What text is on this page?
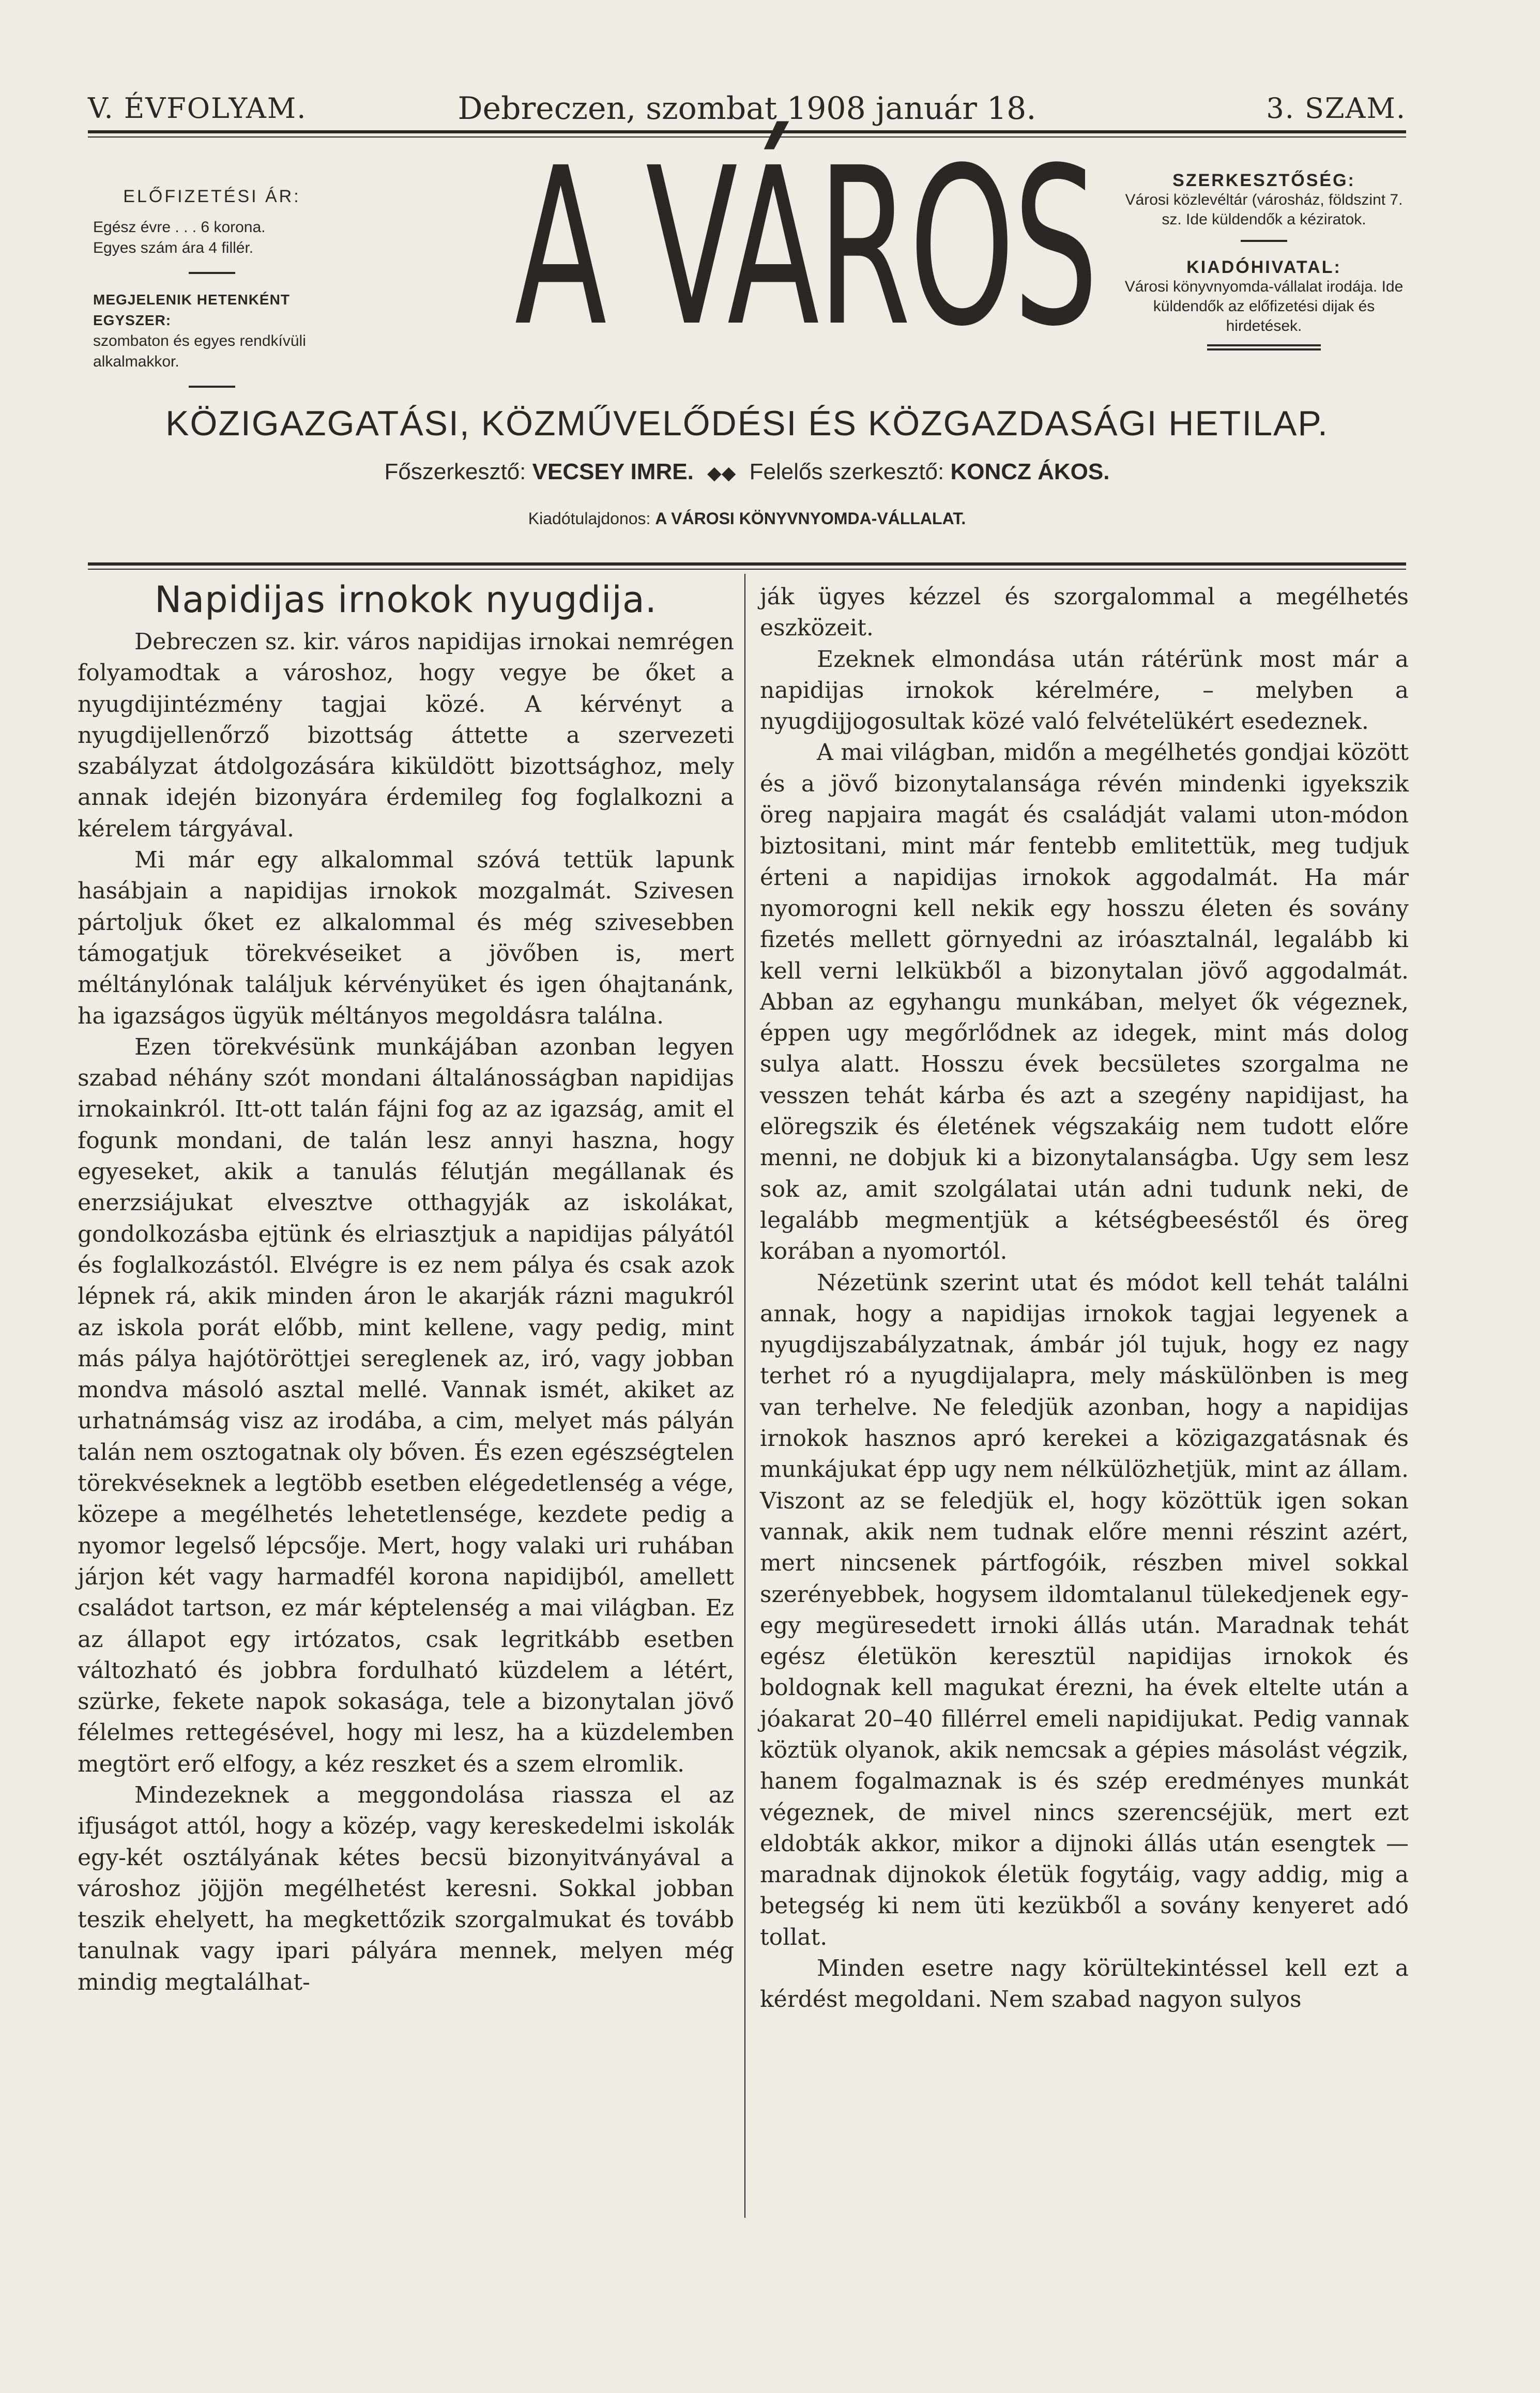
V. ÉVFOLYAM.	Debreczen, szombat 1908 január 18.	3. SZAM.
ELŐFIZETÉSI ÁR:
Egész évre . . . 6 korona.
Egyes szám ára 4 fillér.
MEGJELENIK HETENKÉNT EGYSZER:
szombaton és egyes rendkívüli alkalmakkor.	A VÁROS	SZERKESZTŐSÉG:
Városi közlevéltár (városház, földszint 7. sz. Ide küldendők a kéziratok.
KIADÓHIVATAL:
Városi könyvnyomda-vállalat irodája. Ide küldendők az előfizetési dijak és hirdetések.
KÖZIGAZGATÁSI, KÖZMŰVELŐDÉSI ÉS KÖZGAZDASÁGI HETILAP.
Főszerkesztő: VECSEY IMRE. ◆◆ Felelős szerkesztő: KONCZ ÁKOS.
Kiadótulajdonos: A VÁROSI KÖNYVNYOMDA-VÁLLALAT.
Napidijas irnokok nyugdija.

Debreczen sz. kir. város napidijas irnokai nemrégen folyamodtak a városhoz, hogy vegye be őket a nyugdijintézmény tagjai közé. A kérvényt a nyugdijellenőrző bizottság áttette a szervezeti szabályzat átdolgozására kiküldött bizottsághoz, mely annak idején bizonyára érdemileg fog foglalkozni a kérelem tárgyával.

Mi már egy alkalommal szóvá tettük lapunk hasábjain a napidijas irnokok mozgalmát. Szivesen pártoljuk őket ez alkalommal és még szivesebben támogatjuk törekvéseiket a jövőben is, mert méltánylónak találjuk kérvényüket és igen óhajtanánk, ha igazságos ügyük méltányos megoldásra találna.

Ezen törekvésünk munkájában azonban legyen szabad néhány szót mondani általánosságban napidijas irnokainkról. Itt-ott talán fájni fog az az igazság, amit el fogunk mondani, de talán lesz annyi haszna, hogy egyeseket, akik a tanulás félutján megállanak és enerzsiájukat elvesztve otthagyják az iskolákat, gondolkozásba ejtünk és elriasztjuk a napidijas pályától és foglalkozástól. Elvégre is ez nem pálya és csak azok lépnek rá, akik minden áron le akarják rázni magukról az iskola porát előbb, mint kellene, vagy pedig, mint más pálya hajótöröttjei sereglenek az, iró, vagy jobban mondva másoló asztal mellé. Vannak ismét, akiket az urhatnámság visz az irodába, a cim, melyet más pályán talán nem osztogatnak oly bőven. És ezen egészségtelen törekvéseknek a legtöbb esetben elégedetlenség a vége, közepe a megélhetés lehetetlensége, kezdete pedig a nyomor legelső lépcsője. Mert, hogy valaki uri ruhában járjon két vagy harmadfél korona napidijból, amellett családot tartson, ez már képtelenség a mai világban. Ez az állapot egy irtózatos, csak legritkább esetben változható és jobbra fordulható küzdelem a létért, szürke, fekete napok sokasága, tele a bizonytalan jövő félelmes rettegésével, hogy mi lesz, ha a küzdelemben megtört erő elfogy, a kéz reszket és a szem elromlik.

Mindezeknek a meggondolása riassza el az ifjuságot attól, hogy a közép, vagy kereskedelmi iskolák egy-két osztályának kétes becsü bizonyitványával a városhoz jöjjön megélhetést keresni. Sokkal jobban teszik ehelyett, ha megkettőzik szorgalmukat és tovább tanulnak vagy ipari pályára mennek, melyen még mindig megtalálhat-

ják ügyes kézzel és szorgalommal a megélhetés eszközeit.

Ezeknek elmondása után rátérünk most már a napidijas irnokok kérelmére, – melyben a nyugdijjogosultak közé való felvételükért esedeznek.

A mai világban, midőn a megélhetés gondjai között és a jövő bizonytalansága révén mindenki igyekszik öreg napjaira magát és családját valami uton-módon biztositani, mint már fentebb emlitettük, meg tudjuk érteni a napidijas irnokok aggodalmát. Ha már nyomorogni kell nekik egy hosszu életen és sovány fizetés mellett görnyedni az iróasztalnál, legalább ki kell verni lelkükből a bizonytalan jövő aggodalmát. Abban az egyhangu munkában, melyet ők végeznek, éppen ugy megőrlődnek az idegek, mint más dolog sulya alatt. Hosszu évek becsületes szorgalma ne vesszen tehát kárba és azt a szegény napidijast, ha elöregszik és életének végszakáig nem tudott előre menni, ne dobjuk ki a bizonytalanságba. Ugy sem lesz sok az, amit szolgálatai után adni tudunk neki, de legalább megmentjük a kétségbeeséstől és öreg korában a nyomortól.

Nézetünk szerint utat és módot kell tehát találni annak, hogy a napidijas irnokok tagjai legyenek a nyugdijszabályzatnak, ámbár jól tujuk, hogy ez nagy terhet ró a nyugdijalapra, mely máskülönben is meg van terhelve. Ne feledjük azonban, hogy a napidijas irnokok hasznos apró kerekei a közigazgatásnak és munkájukat épp ugy nem nélkülözhetjük, mint az állam. Viszont az se feledjük el, hogy közöttük igen sokan vannak, akik nem tudnak előre menni részint azért, mert nincsenek pártfogóik, részben mivel sokkal szerényebbek, hogysem ildomtalanul tülekedjenek egy-egy megüresedett irnoki állás után. Maradnak tehát egész életükön keresztül napidijas irnokok és boldognak kell magukat érezni, ha évek eltelte után a jóakarat 20–40 fillérrel emeli napidijukat. Pedig vannak köztük olyanok, akik nemcsak a gépies másolást végzik, hanem fogalmaznak is és szép eredményes munkát végeznek, de mivel nincs szerencséjük, mert ezt eldobták akkor, mikor a dijnoki állás után esengtek — maradnak dijnokok életük fogytáig, vagy addig, mig a betegség ki nem üti kezükből a sovány kenyeret adó tollat.

Minden esetre nagy körültekintéssel kell ezt a kérdést megoldani. Nem szabad nagyon sulyos
